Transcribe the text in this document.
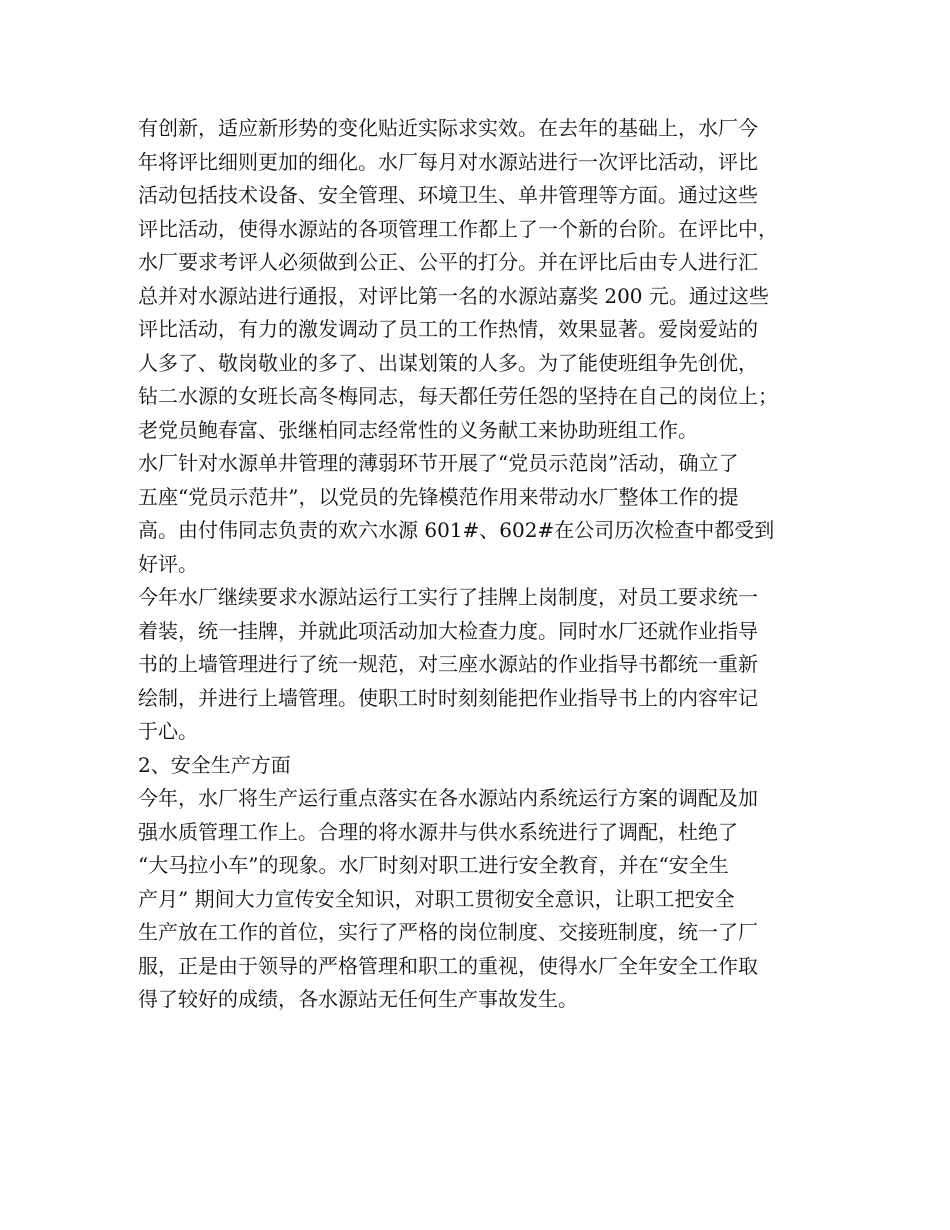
有创新，适应新形势的变化贴近实际求实效。在去年的基础上，水厂今
年将评比细则更加的细化。水厂每月对水源站进行一次评比活动，评比
活动包括技术设备、安全管理、环境卫生、单井管理等方面。通过这些
评比活动，使得水源站的各项管理工作都上了一个新的台阶。在评比中，
水厂要求考评人必须做到公正、公平的打分。并在评比后由专人进行汇
总并对水源站进行通报，对评比第一名的水源站嘉奖 200 元。通过这些
评比活动，有力的激发调动了员工的工作热情，效果显著。爱岗爱站的
人多了、敬岗敬业的多了、出谋划策的人多。为了能使班组争先创优，
钻二水源的女班长高冬梅同志，每天都任劳任怨的坚持在自己的岗位上；
老党员鲍春富、张继柏同志经常性的义务献工来协助班组工作。
水厂针对水源单井管理的薄弱环节开展了“党员示范岗”活动，确立了
五座“党员示范井”，以党员的先锋模范作用来带动水厂整体工作的提
高。由付伟同志负责的欢六水源 601#、602#在公司历次检查中都受到
好评。
今年水厂继续要求水源站运行工实行了挂牌上岗制度，对员工要求统一
着装，统一挂牌，并就此项活动加大检查力度。同时水厂还就作业指导
书的上墙管理进行了统一规范，对三座水源站的作业指导书都统一重新
绘制，并进行上墙管理。使职工时时刻刻能把作业指导书上的内容牢记
于心。
2、安全生产方面
今年，水厂将生产运行重点落实在各水源站内系统运行方案的调配及加
强水质管理工作上。合理的将水源井与供水系统进行了调配，杜绝了
“大马拉小车”的现象。水厂时刻对职工进行安全教育，并在“安全生
产月” 期间大力宣传安全知识，对职工贯彻安全意识，让职工把安全
生产放在工作的首位，实行了严格的岗位制度、交接班制度，统一了厂
服，正是由于领导的严格管理和职工的重视，使得水厂全年安全工作取
得了较好的成绩，各水源站无任何生产事故发生。
